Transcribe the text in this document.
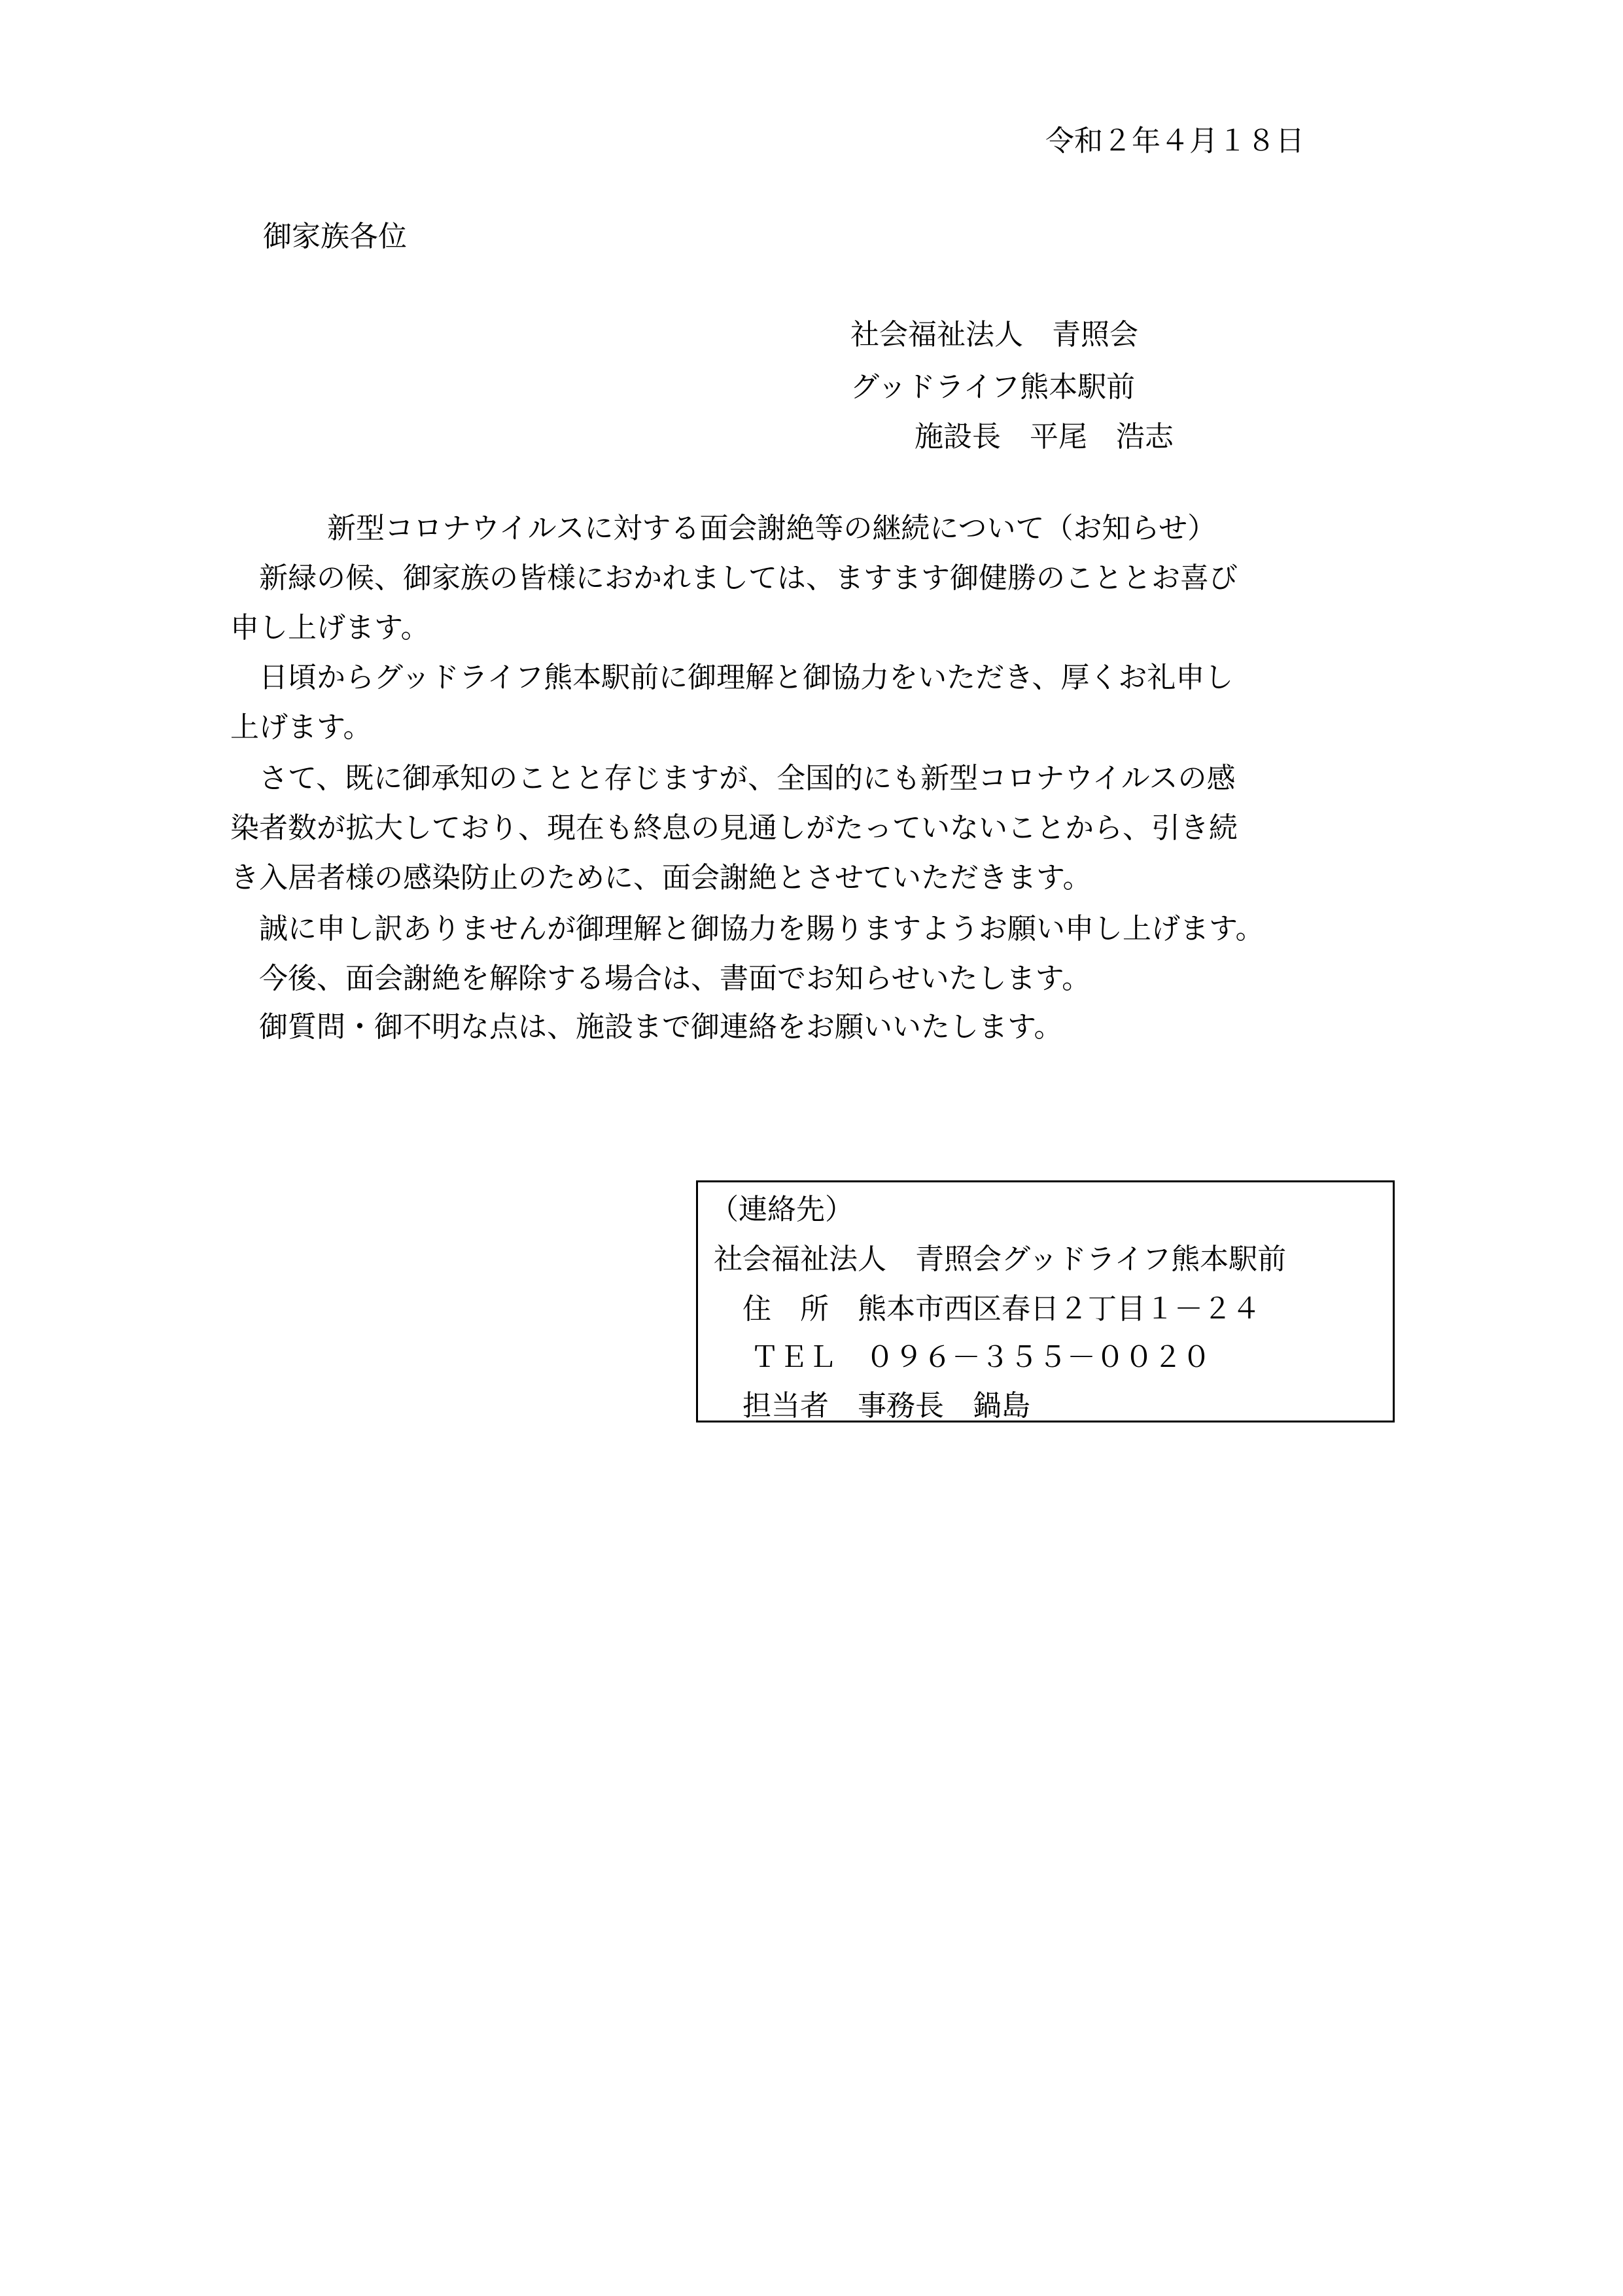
令和２年４月１８日
御家族各位
社会福祉法人　青照会
グッドライフ熊本駅前
施設長　平尾　浩志
新型コロナウイルスに対する面会謝絶等の継続について（お知らせ）
　新緑の候、御家族の皆様におかれましては、ますます御健勝のこととお喜び
申し上げます。
　日頃からグッドライフ熊本駅前に御理解と御協力をいただき、厚くお礼申し
上げます。
　さて、既に御承知のことと存じますが、全国的にも新型コロナウイルスの感
染者数が拡大しており、現在も終息の見通しがたっていないことから、引き続
き入居者様の感染防止のために、面会謝絶とさせていただきます。
　誠に申し訳ありませんが御理解と御協力を賜りますようお願い申し上げます。
　今後、面会謝絶を解除する場合は、書面でお知らせいたします。
　御質問・御不明な点は、施設まで御連絡をお願いいたします。
（連絡先）
社会福祉法人　青照会グッドライフ熊本駅前
住　所　熊本市西区春日２丁目１－２４
ＴＥＬ　０９６－３５５－００２０
担当者　事務長　鍋島
